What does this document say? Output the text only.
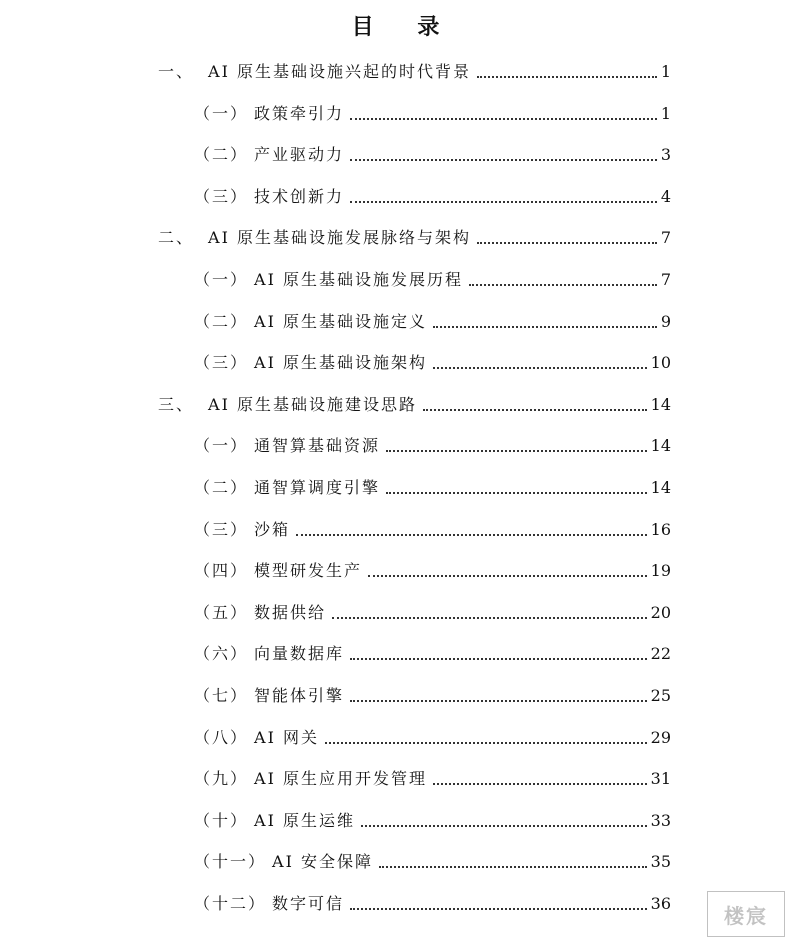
目 录
一、 AI 原生基础设施兴起的时代背景	1
（一） 政策牵引力	1
（二） 产业驱动力	3
（三） 技术创新力	4
二、 AI 原生基础设施发展脉络与架构	7
（一） AI 原生基础设施发展历程	7
（二） AI 原生基础设施定义	9
（三） AI 原生基础设施架构	10
三、 AI 原生基础设施建设思路	14
（一） 通智算基础资源	14
（二） 通智算调度引擎	14
（三） 沙箱	16
（四） 模型研发生产	19
（五） 数据供给	20
（六） 向量数据库	22
（七） 智能体引擎	25
（八） AI 网关	29
（九） AI 原生应用开发管理	31
（十） AI 原生运维	33
（十一） AI 安全保障	35
（十二） 数字可信	36	楼宸
